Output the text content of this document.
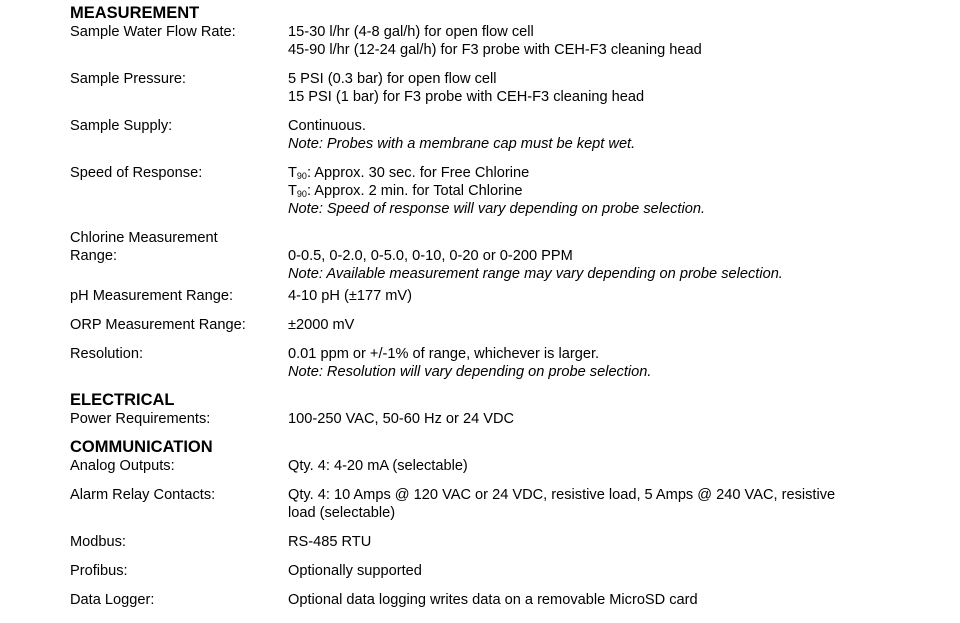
MEASUREMENT
Sample Water Flow Rate:	15-30 l/hr (4-8 gal/h) for open flow cell
45-90 l/hr (12-24 gal/h) for F3 probe with CEH-F3 cleaning head
Sample Pressure:	5 PSI (0.3 bar) for open flow cell
15 PSI (1 bar) for F3 probe with CEH-F3 cleaning head
Sample Supply:	Continuous.
Note: Probes with a membrane cap must be kept wet.
Speed of Response:	$T_{90}$: Approx. 30 sec. for Free Chlorine
$T_{90}$: Approx. 2 min. for Total Chlorine
Note: Speed of response will vary depending on probe selection.
Chlorine Measurement
Range:
	0-0.5, 0-2.0, 0-5.0, 0-10, 0-20 or 0-200 PPM
Note: Available measurement range may vary depending on probe selection.
pH Measurement Range:	4-10 pH (±177 mV)
ORP Measurement Range:	±2000 mV
Resolution:	0.01 ppm or +/-1% of range, whichever is larger.
Note: Resolution will vary depending on probe selection.
ELECTRICAL
Power Requirements:	100-250 VAC, 50-60 Hz or 24 VDC
COMMUNICATION
Analog Outputs:	Qty. 4: 4-20 mA (selectable)
Alarm Relay Contacts:	Qty. 4: 10 Amps @ 120 VAC or 24 VDC, resistive load, 5 Amps @ 240 VAC, resistive
load (selectable)
Modbus:	RS-485 RTU
Profibus:	Optionally supported
Data Logger:	Optional data logging writes data on a removable MicroSD card
